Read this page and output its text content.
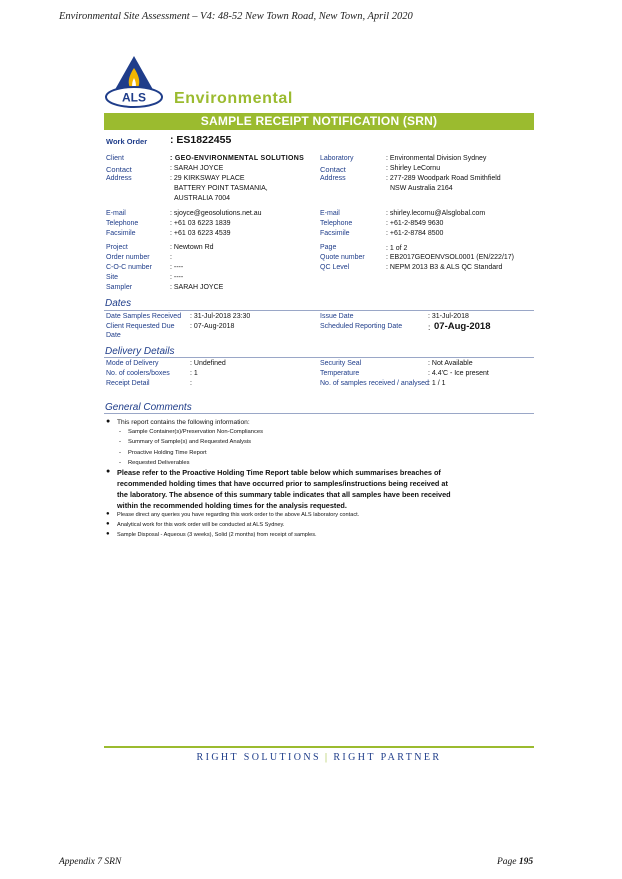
Environmental Site Assessment – V4: 48-52 New Town Road, New Town, April 2020
ALS Environmental
SAMPLE RECEIPT NOTIFICATION (SRN)
Work Order : ES1822455
Client	: GEO-ENVIRONMENTAL SOLUTIONS
Contact	: SARAH JOYCE
Address	: 29 KIRKSWAY PLACE
BATTERY POINT TASMANIA,
AUSTRALIA 7004
E-mail	: sjoyce@geosolutions.net.au
Telephone	: +61 03 6223 1839
Facsimile	: +61 03 6223 4539
Project	: Newtown Rd
Order number	:
C-O-C number	: ----
Site	: ----
Sampler	: SARAH JOYCE
Laboratory	: Environmental Division Sydney
Contact	: Shirley LeCornu
Address	: 277-289 Woodpark Road Smithfield
NSW Australia 2164
E-mail	: shirley.lecornu@Alsglobal.com
Telephone	: +61-2-8549 9630
Facsimile	: +61-2-8784 8500
Page	: 1 of 2
Quote number	: EB2017GEOENVSOL0001 (EN/222/17)
QC Level	: NEPM 2013 B3 & ALS QC Standard
Dates
Date Samples Received : 31-Jul-2018 23:30
Client Requested Due
Date
: 07-Aug-2018
Issue Date	: 31-Jul-2018
Scheduled Reporting Date	: 07-Aug-2018
Delivery Details
Mode of Delivery	: Undefined
No. of coolers/boxes	: 1
Receipt Detail	:
Security Seal	: Not Available
Temperature	: 4.4'C - Ice present
No. of samples received / analysed : 1 / 1
General Comments
● This report contains the following information:
- Sample Container(s)/Preservation Non-Compliances
- Summary of Sample(s) and Requested Analysis
- Proactive Holding Time Report
- Requested Deliverables
● Please refer to the Proactive Holding Time Report table below which summarises breaches of
recommended holding times that have occurred prior to samples/instructions being received at
the laboratory. The absence of this summary table indicates that all samples have been received
within the recommended holding times for the analysis requested.
● Please direct any queries you have regarding this work order to the above ALS laboratory contact.
● Analytical work for this work order will be conducted at ALS Sydney.
● Sample Disposal - Aqueous (3 weeks), Solid (2 months) from receipt of samples.
RIGHT SOLUTIONS | RIGHT PARTNER
Appendix 7 SRN	Page 195
